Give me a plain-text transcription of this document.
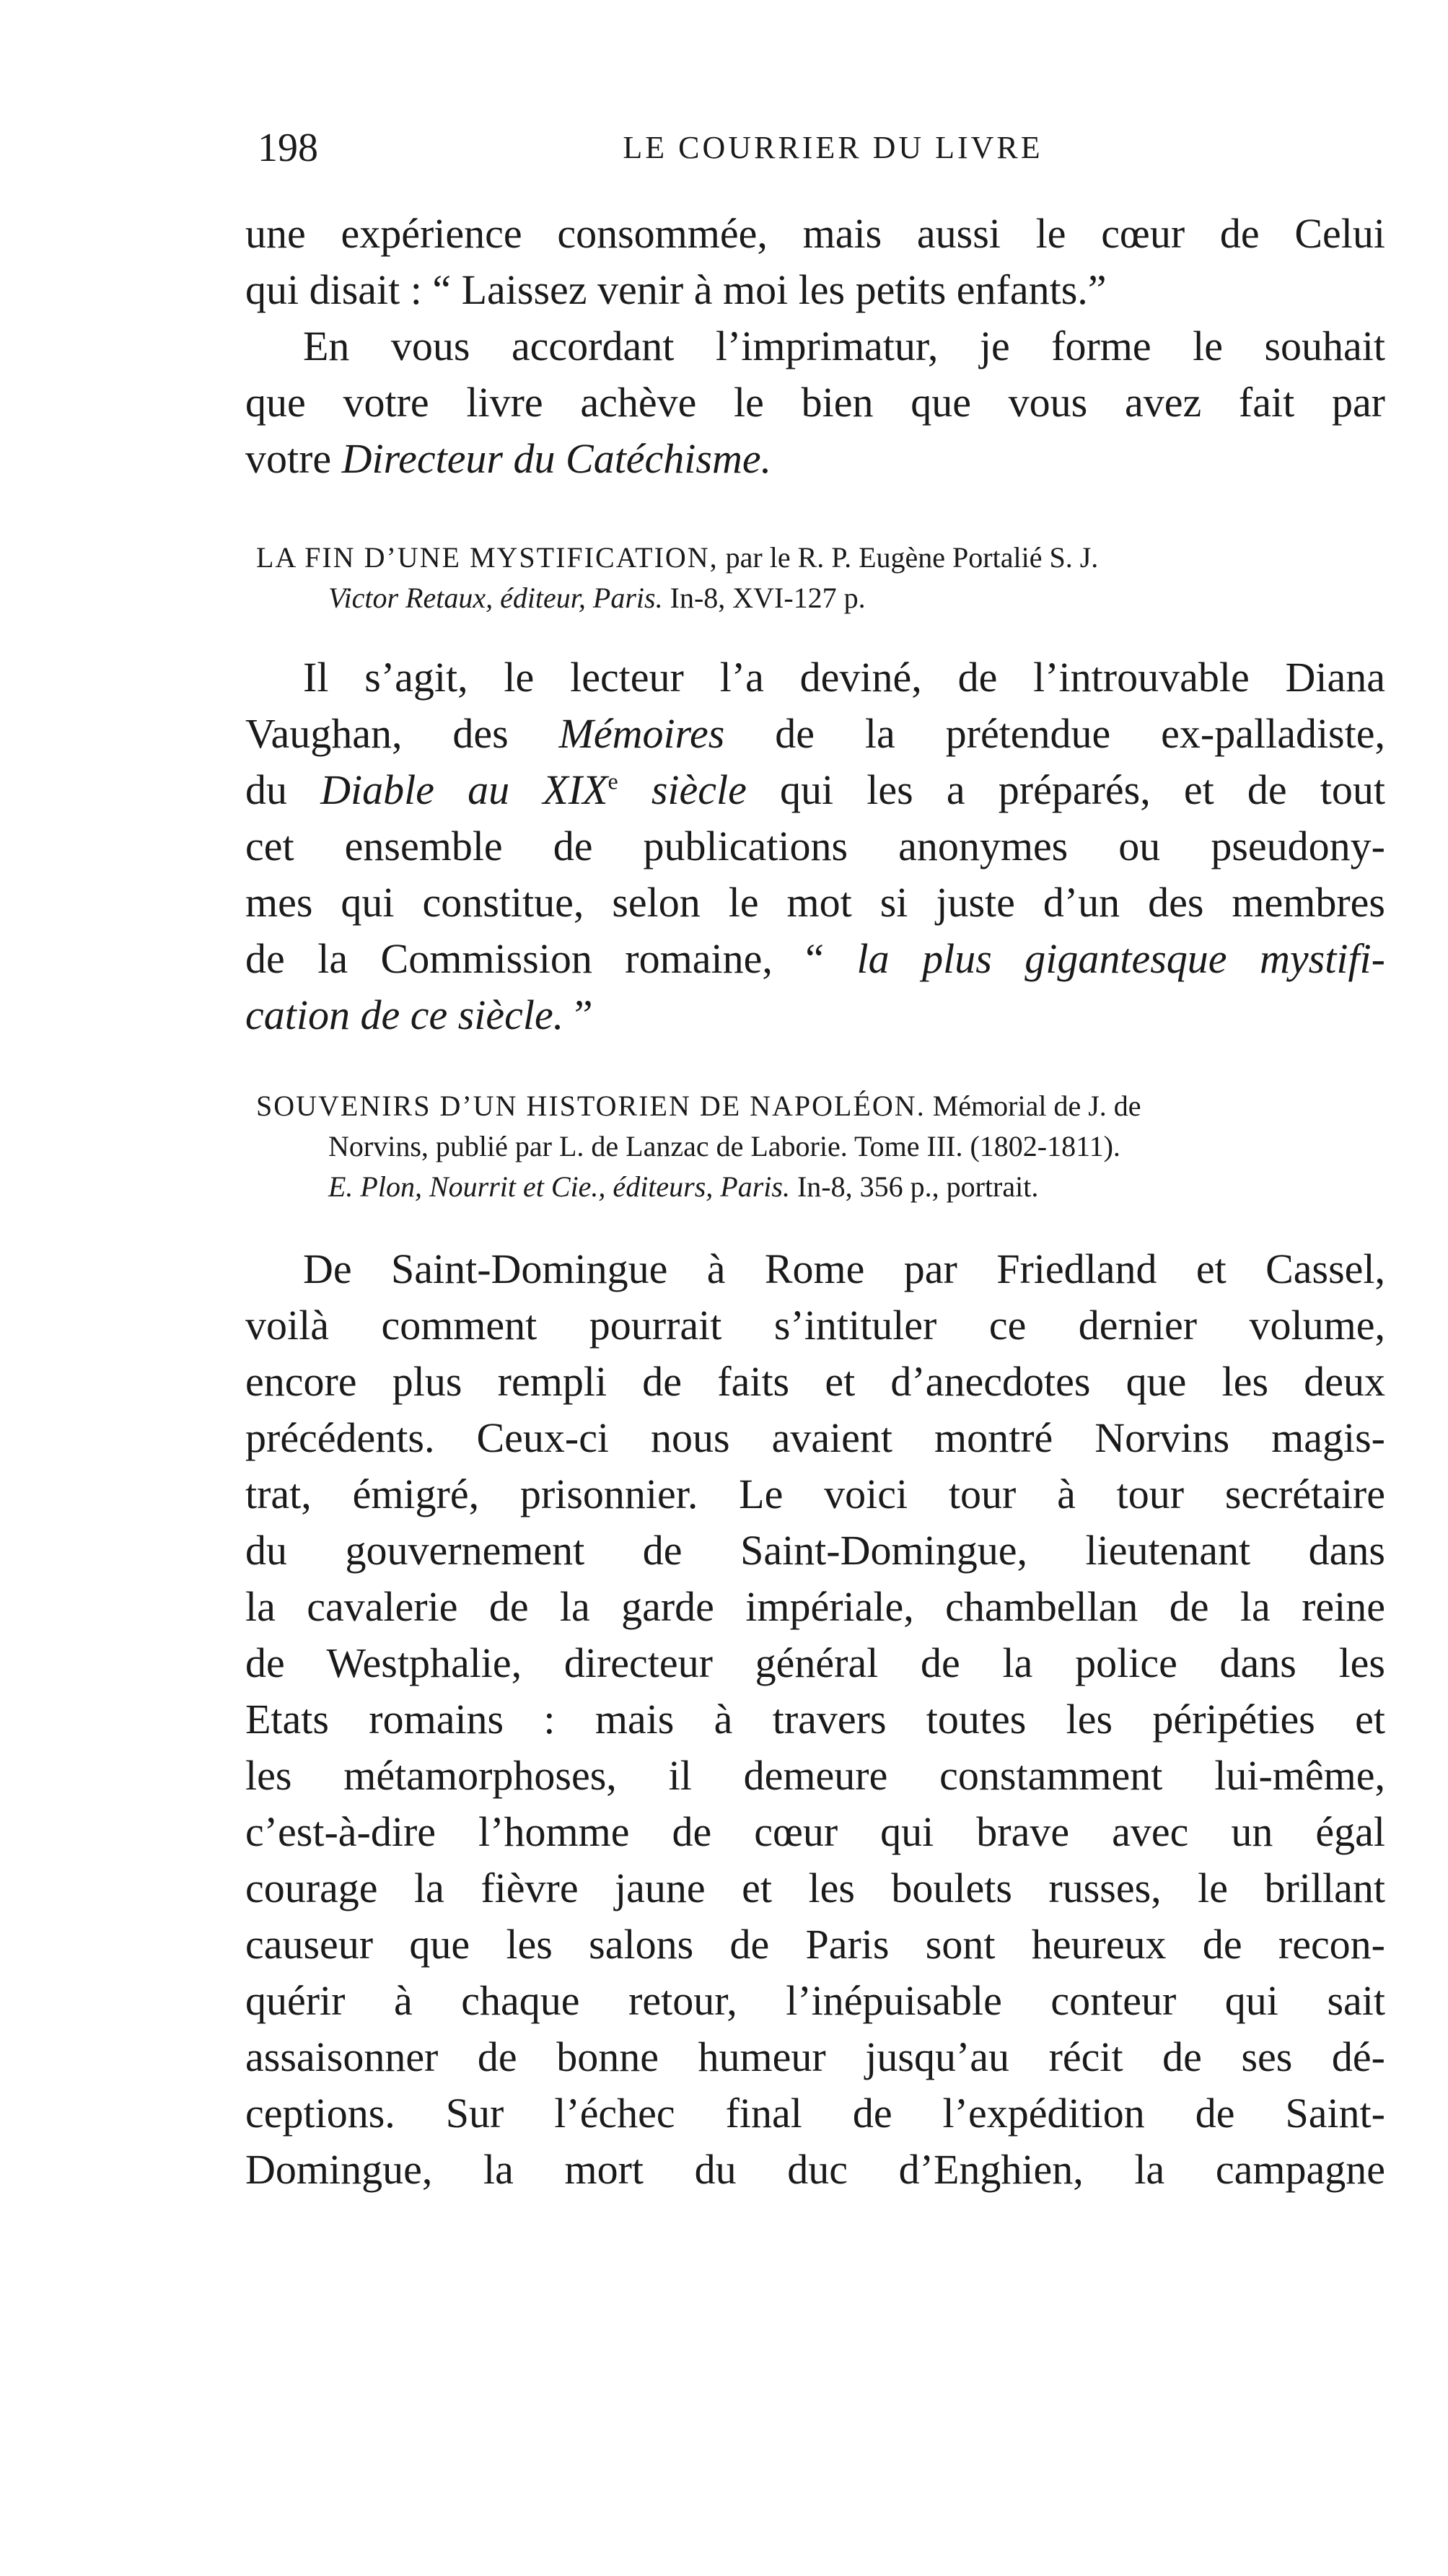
198	LE COURRIER DU LIVRE
une expérience consommée, mais aussi le cœur de Celui
qui disait : “ Laissez venir à moi les petits enfants.”
En vous accordant l’imprimatur, je forme le souhait
que votre livre achève le bien que vous avez fait par
votre Directeur du Catéchisme.
LA FIN D’UNE MYSTIFICATION, par le R. P. Eugène Portalié S. J.
Victor Retaux, éditeur, Paris. In-8, XVI-127 p.
Il s’agit, le lecteur l’a deviné, de l’introuvable Diana
Vaughan, des Mémoires de la prétendue ex-palladiste,
du Diable au XIXe siècle qui les a préparés, et de tout
cet ensemble de publications anonymes ou pseudony-
mes qui constitue, selon le mot si juste d’un des membres
de la Commission romaine, “ la plus gigantesque mystifi-
cation de ce siècle. ”
SOUVENIRS D’UN HISTORIEN DE NAPOLÉON. Mémorial de J. de
Norvins, publié par L. de Lanzac de Laborie. Tome III. (1802-1811).
E. Plon, Nourrit et Cie., éditeurs, Paris. In-8, 356 p., portrait.
De Saint-Domingue à Rome par Friedland et Cassel,
voilà comment pourrait s’intituler ce dernier volume,
encore plus rempli de faits et d’anecdotes que les deux
précédents. Ceux-ci nous avaient montré Norvins magis-
trat, émigré, prisonnier. Le voici tour à tour secrétaire
du gouvernement de Saint-Domingue, lieutenant dans
la cavalerie de la garde impériale, chambellan de la reine
de Westphalie, directeur général de la police dans les
Etats romains : mais à travers toutes les péripéties et
les métamorphoses, il demeure constamment lui-même,
c’est-à-dire l’homme de cœur qui brave avec un égal
courage la fièvre jaune et les boulets russes, le brillant
causeur que les salons de Paris sont heureux de recon-
quérir à chaque retour, l’inépuisable conteur qui sait
assaisonner de bonne humeur jusqu’au récit de ses dé-
ceptions. Sur l’échec final de l’expédition de Saint-
Domingue, la mort du duc d’Enghien, la campagne
